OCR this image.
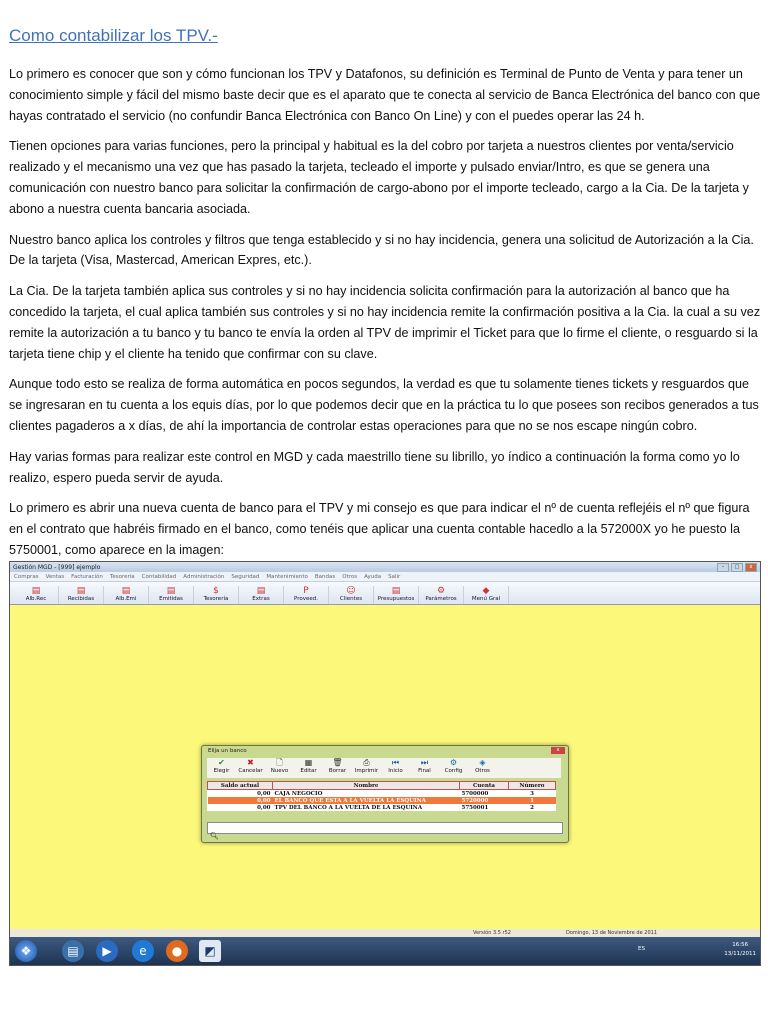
Como contabilizar los TPV.-

Lo primero es conocer que son y cómo funcionan los TPV y Datafonos, su definición es Terminal de Punto de Venta y para tener un conocimiento simple y fácil del mismo baste decir que es el aparato que te conecta al servicio de Banca Electrónica del banco con que hayas contratado el servicio (no confundir Banca Electrónica con Banco On Line) y con el puedes operar las 24 h.

Tienen opciones para varias funciones, pero la principal y habitual es la del cobro por tarjeta a nuestros clientes por venta/servicio realizado y el mecanismo una vez que has pasado la tarjeta, tecleado el importe y pulsado enviar/Intro, es que se genera una comunicación con nuestro banco para solicitar la confirmación de cargo-abono por el importe tecleado, cargo a la Cia. De la tarjeta y abono a nuestra cuenta bancaria asociada.

Nuestro banco aplica los controles y filtros que tenga establecido y si no hay incidencia, genera una solicitud de Autorización a la Cia. De la tarjeta (Visa, Mastercad, American Expres, etc.).

La Cia. De la tarjeta también aplica sus controles y si no hay incidencia solicita confirmación para la autorización al banco que ha concedido la tarjeta, el cual aplica también sus controles y si no hay incidencia remite la confirmación positiva a la Cia. la cual a su vez remite la autorización a tu banco y tu banco te envía la orden al TPV de imprimir el Ticket para que lo firme el cliente, o resguardo si la tarjeta tiene chip y el cliente ha tenido que confirmar con su clave.

Aunque todo esto se realiza de forma automática en pocos segundos, la verdad es que tu solamente tienes tickets y resguardos que se ingresaran en tu cuenta a los equis días, por lo que podemos decir que en la práctica tu lo que posees son recibos generados a tus clientes pagaderos a x días, de ahí la importancia de controlar estas operaciones para que no se nos escape ningún cobro.

Hay varias formas para realizar este control en MGD y cada maestrillo tiene su librillo, yo índico a continuación la forma como yo lo realizo, espero pueda servir de ayuda.

Lo primero es abrir una nueva cuenta de banco para el TPV y mi consejo es que para indicar el nº de cuenta reflejéis el nº que figura en el contrato que habréis firmado en el banco, como tenéis que aplicar una cuenta contable hacedlo a la 572000X yo he puesto la 5750001, como aparece en la imagen:

Gestión MGD - [999] ejemplo	–	□	x
Compras Ventas Facturación Tesorería Contabilidad Administración Seguridad Mantenimiento Bandas Otros Ayuda Salir
▤
Alb.Rec
▤
Recibidas
▤
Alb.Emi
▤
Emitidas
$
Tesorería
▤
Extras
P
Proveed.
☺
Clientes
▤
Presupuestos
⚙
Parámetros
◆
Menú Gral
Elija un banco	x
✔
Elegir
✖
Cancelar
🗋
Nuevo
▦
Editar
🗑
Borrar
⎙
Imprimir
⏮
Inicio
⏭
Final
⚙
Config
◈
Otros
Saldo actual	Nombre	Cuenta	Número
0,00	CAJA NEGOCIO	5700000	3
0,00	EL BANCO QUE ESTA A LA VUELTA LA ESQUINA	5720000	1
0,00	TPV DEL BANCO A LA VUELTA DE LA ESQUINA	5750001	2
🔍︎
Versión 3.5 r52	Domingo, 13 de Noviembre de 2011
❖	▤	▶	e	●	◩	ES
16:56
13/11/2011
